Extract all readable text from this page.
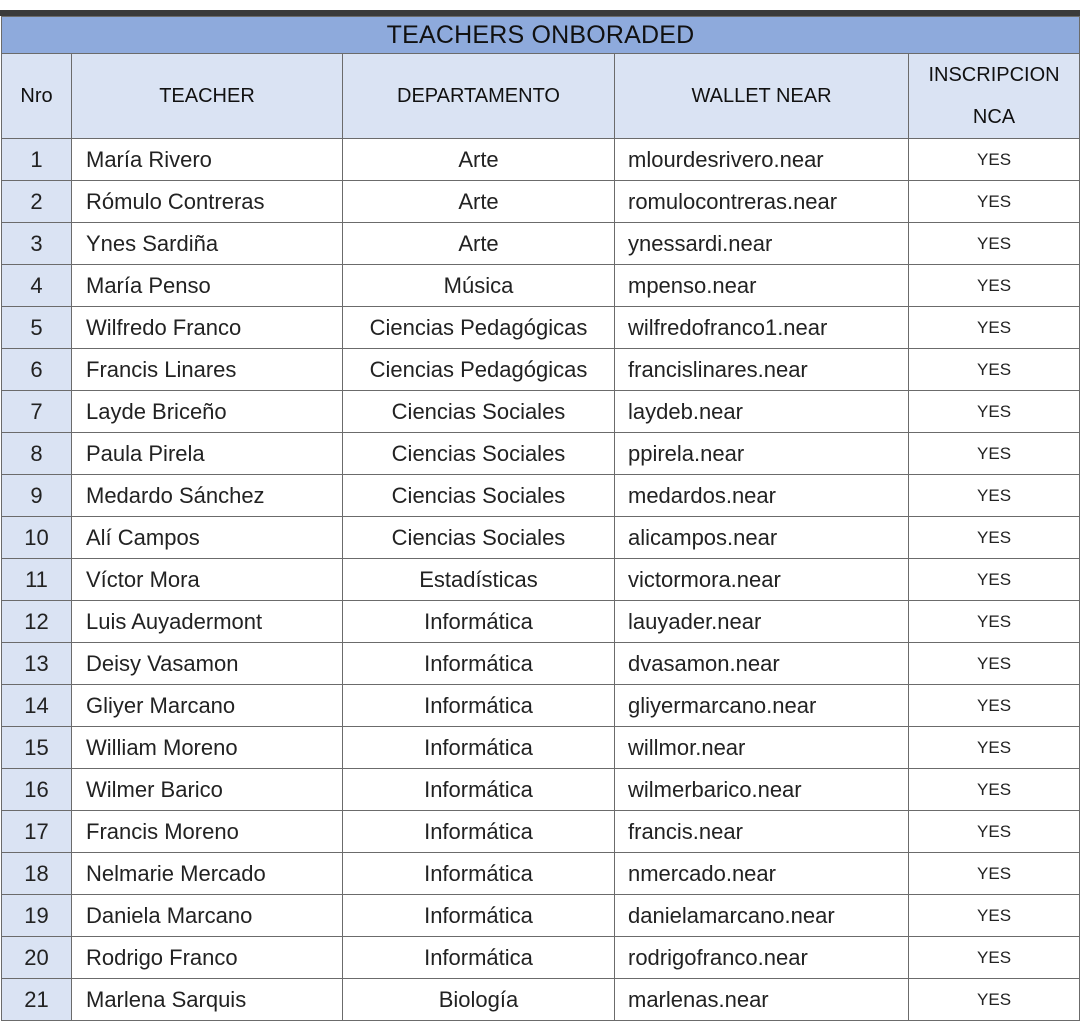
TEACHERS ONBORADED				
Nro	TEACHER	DEPARTAMENTO	WALLET NEAR	INSCRIPCION
NCA
1	María Rivero	Arte	mlourdesrivero.near	YES
2	Rómulo Contreras	Arte	romulocontreras.near	YES
3	Ynes Sardiña	Arte	ynessardi.near	YES
4	María Penso	Música	mpenso.near	YES
5	Wilfredo Franco	Ciencias Pedagógicas	wilfredofranco1.near	YES
6	Francis Linares	Ciencias Pedagógicas	francislinares.near	YES
7	Layde Briceño	Ciencias Sociales	laydeb.near	YES
8	Paula Pirela	Ciencias Sociales	ppirela.near	YES
9	Medardo Sánchez	Ciencias Sociales	medardos.near	YES
10	Alí Campos	Ciencias Sociales	alicampos.near	YES
11	Víctor Mora	Estadísticas	victormora.near	YES
12	Luis Auyadermont	Informática	lauyader.near	YES
13	Deisy Vasamon	Informática	dvasamon.near	YES
14	Gliyer Marcano	Informática	gliyermarcano.near	YES
15	William Moreno	Informática	willmor.near	YES
16	Wilmer Barico	Informática	wilmerbarico.near	YES
17	Francis Moreno	Informática	francis.near	YES
18	Nelmarie Mercado	Informática	nmercado.near	YES
19	Daniela Marcano	Informática	danielamarcano.near	YES
20	Rodrigo Franco	Informática	rodrigofranco.near	YES
21	Marlena Sarquis	Biología	marlenas.near	YES
